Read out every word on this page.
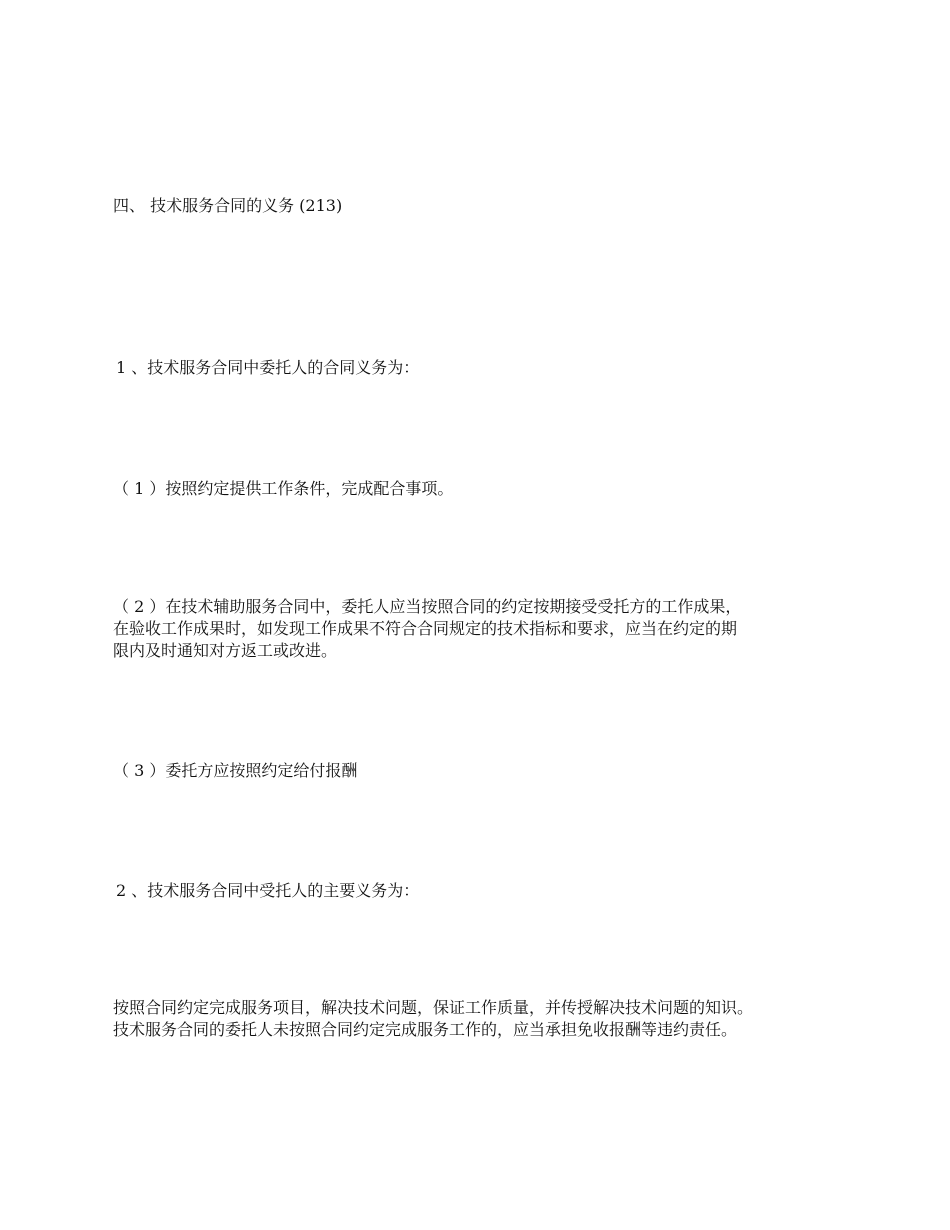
四、 技术服务合同的义务 (213)

1 、技术服务合同中委托人的合同义务为：

（ 1 ）按照约定提供工作条件，完成配合事项。

（ 2 ）在技术辅助服务合同中，委托人应当按照合同的约定按期接受受托方的工作成果，
在验收工作成果时，如发现工作成果不符合合同规定的技术指标和要求，应当在约定的期
限内及时通知对方返工或改进。

（ 3 ）委托方应按照约定给付报酬

2 、技术服务合同中受托人的主要义务为：

按照合同约定完成服务项目，解决技术问题，保证工作质量，并传授解决技术问题的知识。
技术服务合同的委托人未按照合同约定完成服务工作的，应当承担免收报酬等违约责任。
